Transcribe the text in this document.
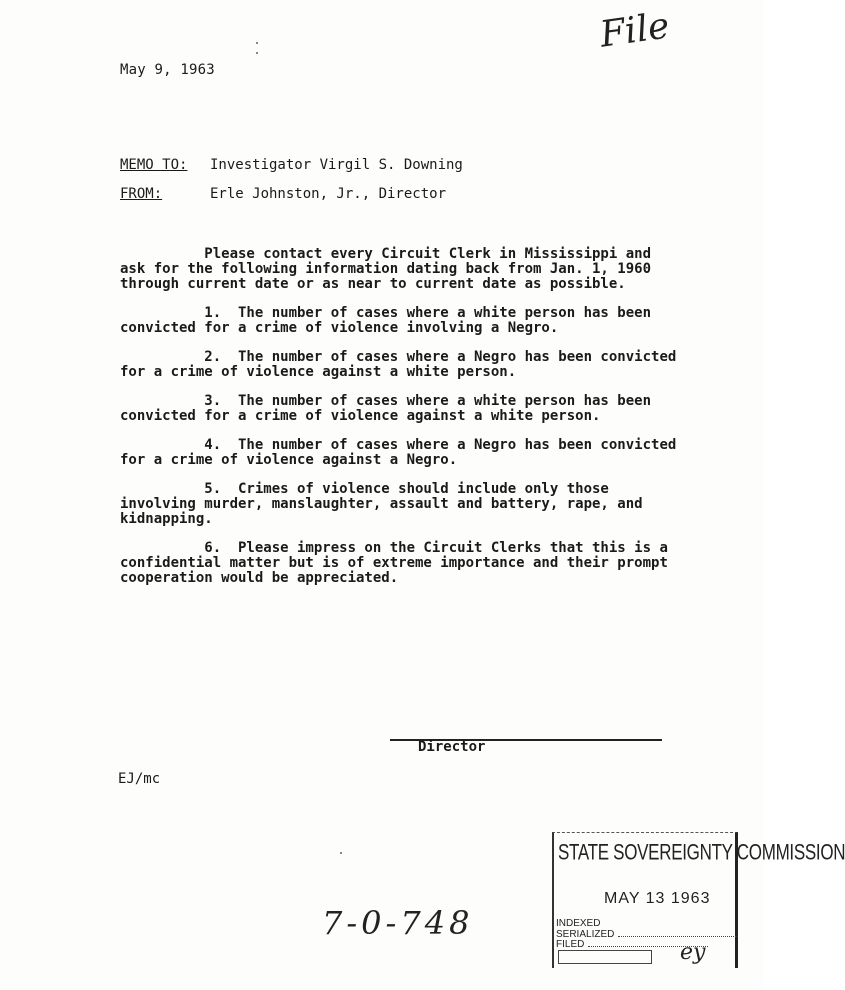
File
May 9, 1963
MEMO TO: Investigator Virgil S. Downing
FROM:	Erle Johnston, Jr., Director

Please contact every Circuit Clerk in Mississippi and
ask for the following information dating back from Jan. 1, 1960
through current date or as near to current date as possible.

1.  The number of cases where a white person has been
convicted for a crime of violence involving a Negro.

2.  The number of cases where a Negro has been convicted
for a crime of violence against a white person.

3.  The number of cases where a white person has been
convicted for a crime of violence against a white person.

4.  The number of cases where a Negro has been convicted
for a crime of violence against a Negro.

5.  Crimes of violence should include only those
involving murder, manslaughter, assault and battery, rape, and
kidnapping.

6.  Please impress on the Circuit Clerks that this is a
confidential matter but is of extreme importance and their prompt
cooperation would be appreciated.

Director
EJ/mc
7-0-748
STATE SOVEREIGNTY COMMISSION
MAY 13 1963
INDEXED
SERIALIZED
FILED	ey
